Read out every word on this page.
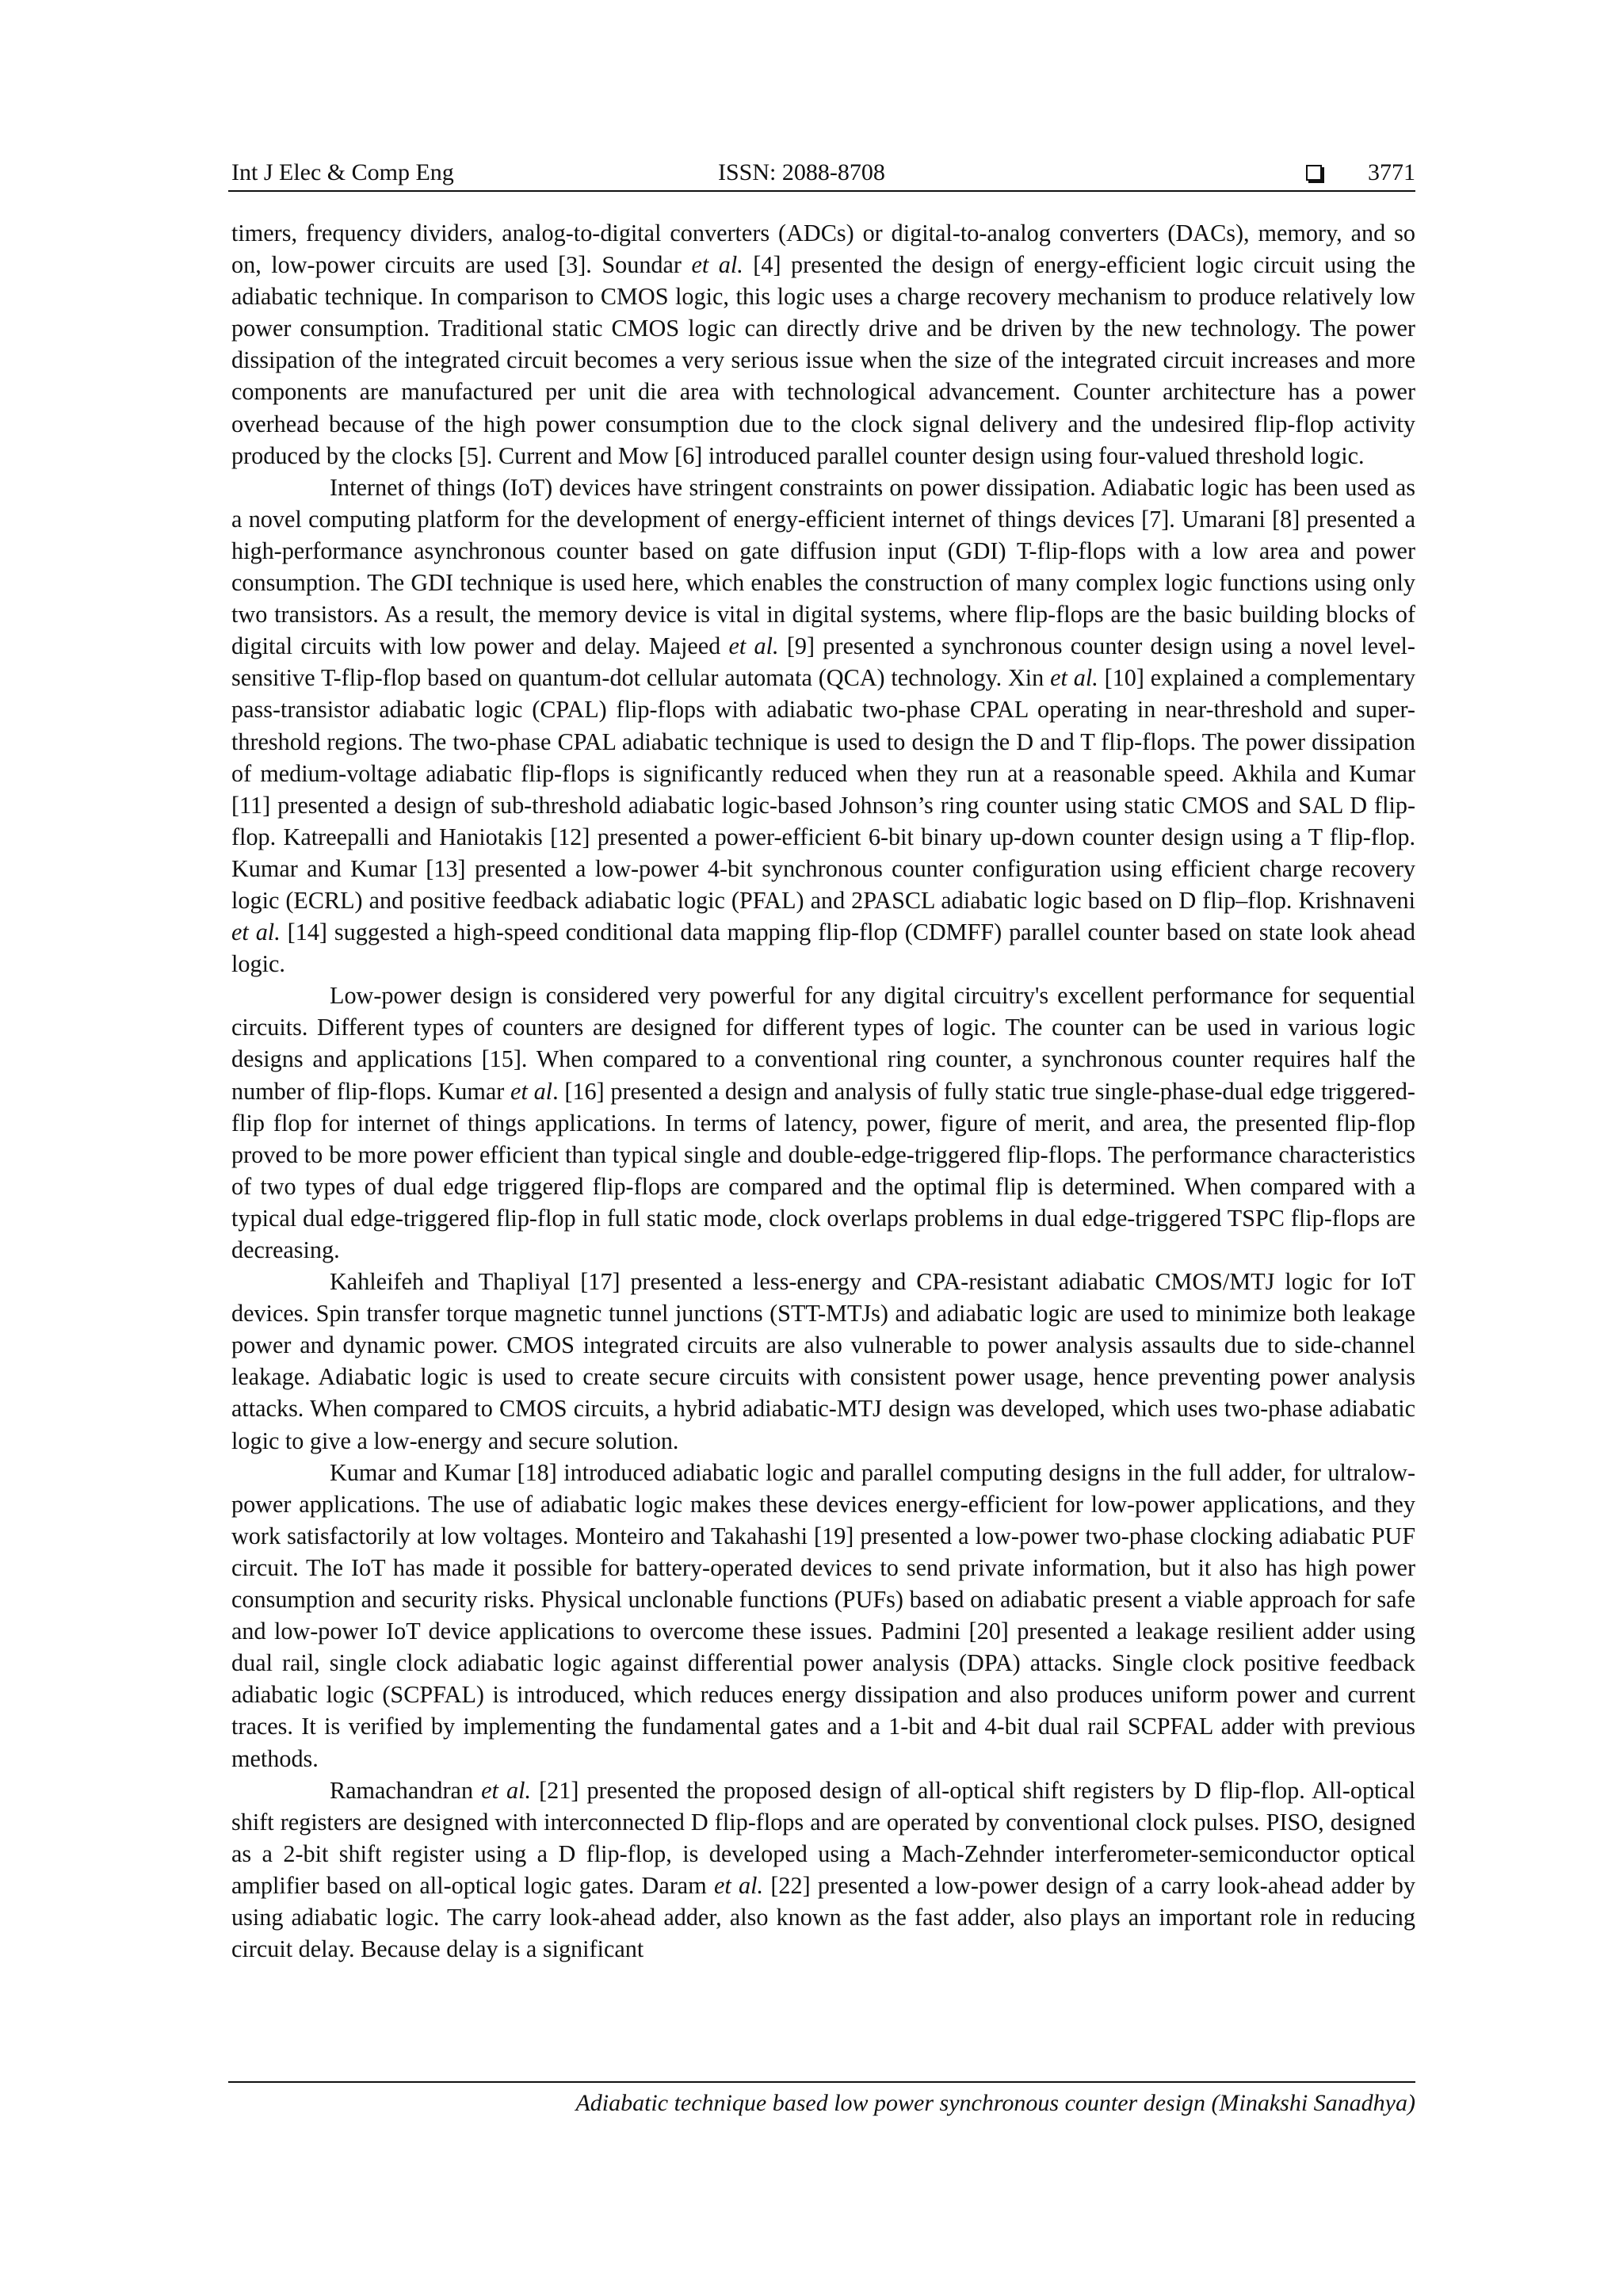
Int J Elec & Comp Eng	ISSN: 2088-8708	3771

timers, frequency dividers, analog-to-digital converters (ADCs) or digital-to-analog converters (DACs), memory, and so on, low-power circuits are used [3]. Soundar et al. [4] presented the design of energy-efficient logic circuit using the adiabatic technique. In comparison to CMOS logic, this logic uses a charge recovery mechanism to produce relatively low power consumption. Traditional static CMOS logic can directly drive and be driven by the new technology. The power dissipation of the integrated circuit becomes a very serious issue when the size of the integrated circuit increases and more components are manufactured per unit die area with technological advancement. Counter architecture has a power overhead because of the high power consumption due to the clock signal delivery and the undesired flip-flop activity produced by the clocks [5]. Current and Mow [6] introduced parallel counter design using four-valued threshold logic.

Internet of things (IoT) devices have stringent constraints on power dissipation. Adiabatic logic has been used as a novel computing platform for the development of energy-efficient internet of things devices [7]. Umarani [8] presented a high-performance asynchronous counter based on gate diffusion input (GDI) T-flip-flops with a low area and power consumption. The GDI technique is used here, which enables the construction of many complex logic functions using only two transistors. As a result, the memory device is vital in digital systems, where flip-flops are the basic building blocks of digital circuits with low power and delay. Majeed et al. [9] presented a synchronous counter design using a novel level-sensitive T-flip-flop based on quantum-dot cellular automata (QCA) technology. Xin et al. [10] explained a complementary pass-transistor adiabatic logic (CPAL) flip-flops with adiabatic two-phase CPAL operating in near-threshold and super-threshold regions. The two-phase CPAL adiabatic technique is used to design the D and T flip-flops. The power dissipation of medium-voltage adiabatic flip-flops is significantly reduced when they run at a reasonable speed. Akhila and Kumar [11] presented a design of sub-threshold adiabatic logic-based Johnson’s ring counter using static CMOS and SAL D flip-flop. Katreepalli and Haniotakis [12] presented a power-efficient 6-bit binary up-down counter design using a T flip-flop. Kumar and Kumar [13] presented a low-power 4-bit synchronous counter configuration using efficient charge recovery logic (ECRL) and positive feedback adiabatic logic (PFAL) and 2PASCL adiabatic logic based on D flip–flop. Krishnaveni et al. [14] suggested a high-speed conditional data mapping flip-flop (CDMFF) parallel counter based on state look ahead logic.

Low-power design is considered very powerful for any digital circuitry's excellent performance for sequential circuits. Different types of counters are designed for different types of logic. The counter can be used in various logic designs and applications [15]. When compared to a conventional ring counter, a synchronous counter requires half the number of flip-flops. Kumar et al. [16] presented a design and analysis of fully static true single-phase-dual edge triggered-flip flop for internet of things applications. In terms of latency, power, figure of merit, and area, the presented flip-flop proved to be more power efficient than typical single and double-edge-triggered flip-flops. The performance characteristics of two types of dual edge triggered flip-flops are compared and the optimal flip is determined. When compared with a typical dual edge-triggered flip-flop in full static mode, clock overlaps problems in dual edge-triggered TSPC flip-flops are decreasing.

Kahleifeh and Thapliyal [17] presented a less-energy and CPA-resistant adiabatic CMOS/MTJ logic for IoT devices. Spin transfer torque magnetic tunnel junctions (STT-MTJs) and adiabatic logic are used to minimize both leakage power and dynamic power. CMOS integrated circuits are also vulnerable to power analysis assaults due to side-channel leakage. Adiabatic logic is used to create secure circuits with consistent power usage, hence preventing power analysis attacks. When compared to CMOS circuits, a hybrid adiabatic-MTJ design was developed, which uses two-phase adiabatic logic to give a low-energy and secure solution.

Kumar and Kumar [18] introduced adiabatic logic and parallel computing designs in the full adder, for ultralow-power applications. The use of adiabatic logic makes these devices energy-efficient for low-power applications, and they work satisfactorily at low voltages. Monteiro and Takahashi [19] presented a low-power two-phase clocking adiabatic PUF circuit. The IoT has made it possible for battery-operated devices to send private information, but it also has high power consumption and security risks. Physical unclonable functions (PUFs) based on adiabatic present a viable approach for safe and low-power IoT device applications to overcome these issues. Padmini [20] presented a leakage resilient adder using dual rail, single clock adiabatic logic against differential power analysis (DPA) attacks. Single clock positive feedback adiabatic logic (SCPFAL) is introduced, which reduces energy dissipation and also produces uniform power and current traces. It is verified by implementing the fundamental gates and a 1-bit and 4-bit dual rail SCPFAL adder with previous methods.

Ramachandran et al. [21] presented the proposed design of all-optical shift registers by D flip-flop. All-optical shift registers are designed with interconnected D flip-flops and are operated by conventional clock pulses. PISO, designed as a 2-bit shift register using a D flip-flop, is developed using a Mach-Zehnder interferometer-semiconductor optical amplifier based on all-optical logic gates. Daram et al. [22] presented a low-power design of a carry look-ahead adder by using adiabatic logic. The carry look-ahead adder, also known as the fast adder, also plays an important role in reducing circuit delay. Because delay is a significant

Adiabatic technique based low power synchronous counter design (Minakshi Sanadhya)
